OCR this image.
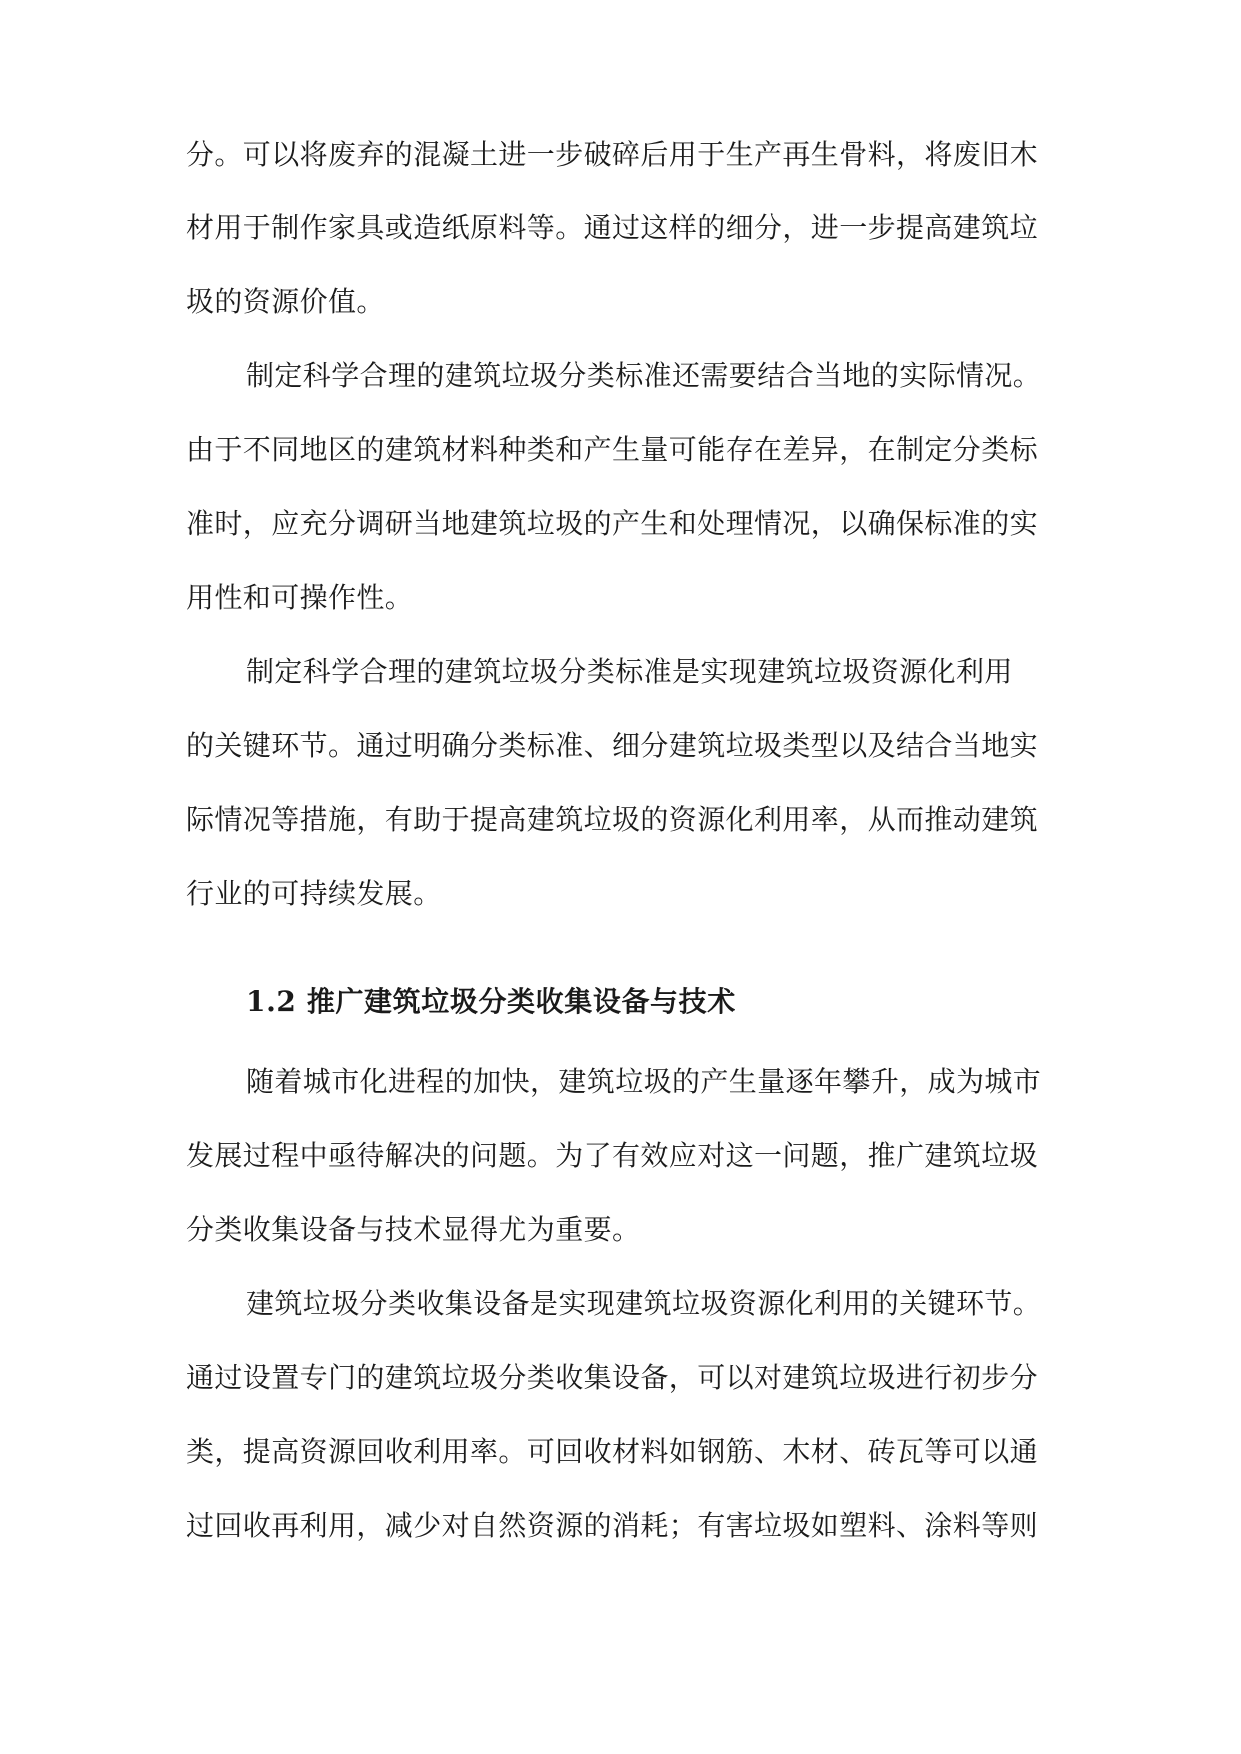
分。可以将废弃的混凝土进一步破碎后用于生产再生骨料，将废旧木
材用于制作家具或造纸原料等。通过这样的细分，进一步提高建筑垃
圾的资源价值。
制定科学合理的建筑垃圾分类标准还需要结合当地的实际情况。
由于不同地区的建筑材料种类和产生量可能存在差异，在制定分类标
准时，应充分调研当地建筑垃圾的产生和处理情况，以确保标准的实
用性和可操作性。
制定科学合理的建筑垃圾分类标准是实现建筑垃圾资源化利用
的关键环节。通过明确分类标准、细分建筑垃圾类型以及结合当地实
际情况等措施，有助于提高建筑垃圾的资源化利用率，从而推动建筑
行业的可持续发展。
1.2 推广建筑垃圾分类收集设备与技术
随着城市化进程的加快，建筑垃圾的产生量逐年攀升，成为城市
发展过程中亟待解决的问题。为了有效应对这一问题，推广建筑垃圾
分类收集设备与技术显得尤为重要。
建筑垃圾分类收集设备是实现建筑垃圾资源化利用的关键环节。
通过设置专门的建筑垃圾分类收集设备，可以对建筑垃圾进行初步分
类，提高资源回收利用率。可回收材料如钢筋、木材、砖瓦等可以通
过回收再利用，减少对自然资源的消耗；有害垃圾如塑料、涂料等则
